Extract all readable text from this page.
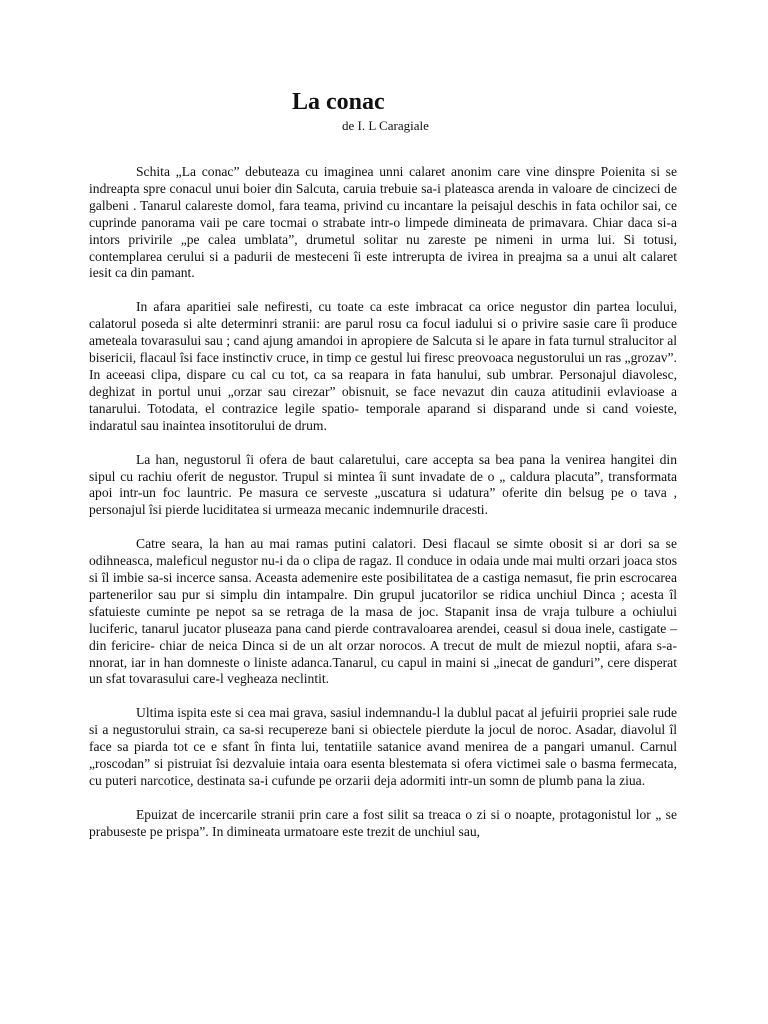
La conac
de I. L Caragiale

Schita „La conac” debuteaza cu imaginea unni calaret anonim care vine dinspre Poienita si se indreapta spre conacul unui boier din Salcuta, caruia trebuie sa-i plateasca arenda in valoare de cincizeci de galbeni . Tanarul calareste domol, fara teama, privind cu incantare la peisajul deschis in fata ochilor sai, ce cuprinde panorama vaii pe care tocmai o strabate intr-o limpede dimineata de primavara. Chiar daca si-a intors privirile „pe calea umblata”, drumetul solitar nu zareste pe nimeni in urma lui. Si totusi, contemplarea cerului si a padurii de mesteceni îi este intrerupta de ivirea in preajma sa a unui alt calaret iesit ca din pamant.

In afara aparitiei sale nefiresti, cu toate ca este imbracat ca orice negustor din partea locului, calatorul poseda si alte determinri stranii: are parul rosu ca focul iadului si o privire sasie care îi produce ameteala tovarasului sau ; cand ajung amandoi in apropiere de Salcuta si le apare in fata turnul stralucitor al bisericii, flacaul îsi face instinctiv cruce, in timp ce gestul lui firesc preovoaca negustorului un ras „grozav”. In aceeasi clipa, dispare cu cal cu tot, ca sa reapara in fata hanului, sub umbrar. Personajul diavolesc, deghizat in portul unui „orzar sau cirezar” obisnuit, se face nevazut din cauza atitudinii evlavioase a tanarului. Totodata, el contrazice legile spatio- temporale aparand si disparand unde si cand voieste, indaratul sau inaintea insotitorului de drum.

La han, negustorul îi ofera de baut calaretului, care accepta sa bea pana la venirea hangitei din sipul cu rachiu oferit de negustor. Trupul si mintea îi sunt invadate de o „ caldura placuta”, transformata apoi intr-un foc launtric. Pe masura ce serveste „uscatura si udatura” oferite din belsug pe o tava , personajul îsi pierde luciditatea si urmeaza mecanic indemnurile dracesti.

Catre seara, la han au mai ramas putini calatori. Desi flacaul se simte obosit si ar dori sa se odihneasca, maleficul negustor nu-i da o clipa de ragaz. Il conduce in odaia unde mai multi orzari joaca stos si îl imbie sa-si incerce sansa. Aceasta ademenire este posibilitatea de a castiga nemasut, fie prin escrocarea partenerilor sau pur si simplu din intampalre. Din grupul jucatorilor se ridica unchiul Dinca ; acesta îl sfatuieste cuminte pe nepot sa se retraga de la masa de joc. Stapanit insa de vraja tulbure a ochiului luciferic, tanarul jucator pluseaza pana cand pierde contravaloarea arendei, ceasul si doua inele, castigate –din fericire- chiar de neica Dinca si de un alt orzar norocos. A trecut de mult de miezul noptii, afara s-a-nnorat, iar in han domneste o liniste adanca.Tanarul, cu capul in maini si „inecat de ganduri”, cere disperat un sfat tovarasului care-l vegheaza neclintit.

Ultima ispita este si cea mai grava, sasiul indemnandu-l la dublul pacat al jefuirii propriei sale rude si a negustorului strain, ca sa-si recupereze bani si obiectele pierdute la jocul de noroc. Asadar, diavolul îl face sa piarda tot ce e sfant în finta lui, tentatiile satanice avand menirea de a pangari umanul. Carnul „roscodan” si pistruiat îsi dezvaluie intaia oara esenta blestemata si ofera victimei sale o basma fermecata, cu puteri narcotice, destinata sa-i cufunde pe orzarii deja adormiti intr-un somn de plumb pana la ziua.

Epuizat de incercarile stranii prin care a fost silit sa treaca o zi si o noapte, protagonistul lor „ se prabuseste pe prispa”. In dimineata urmatoare este trezit de unchiul sau,
